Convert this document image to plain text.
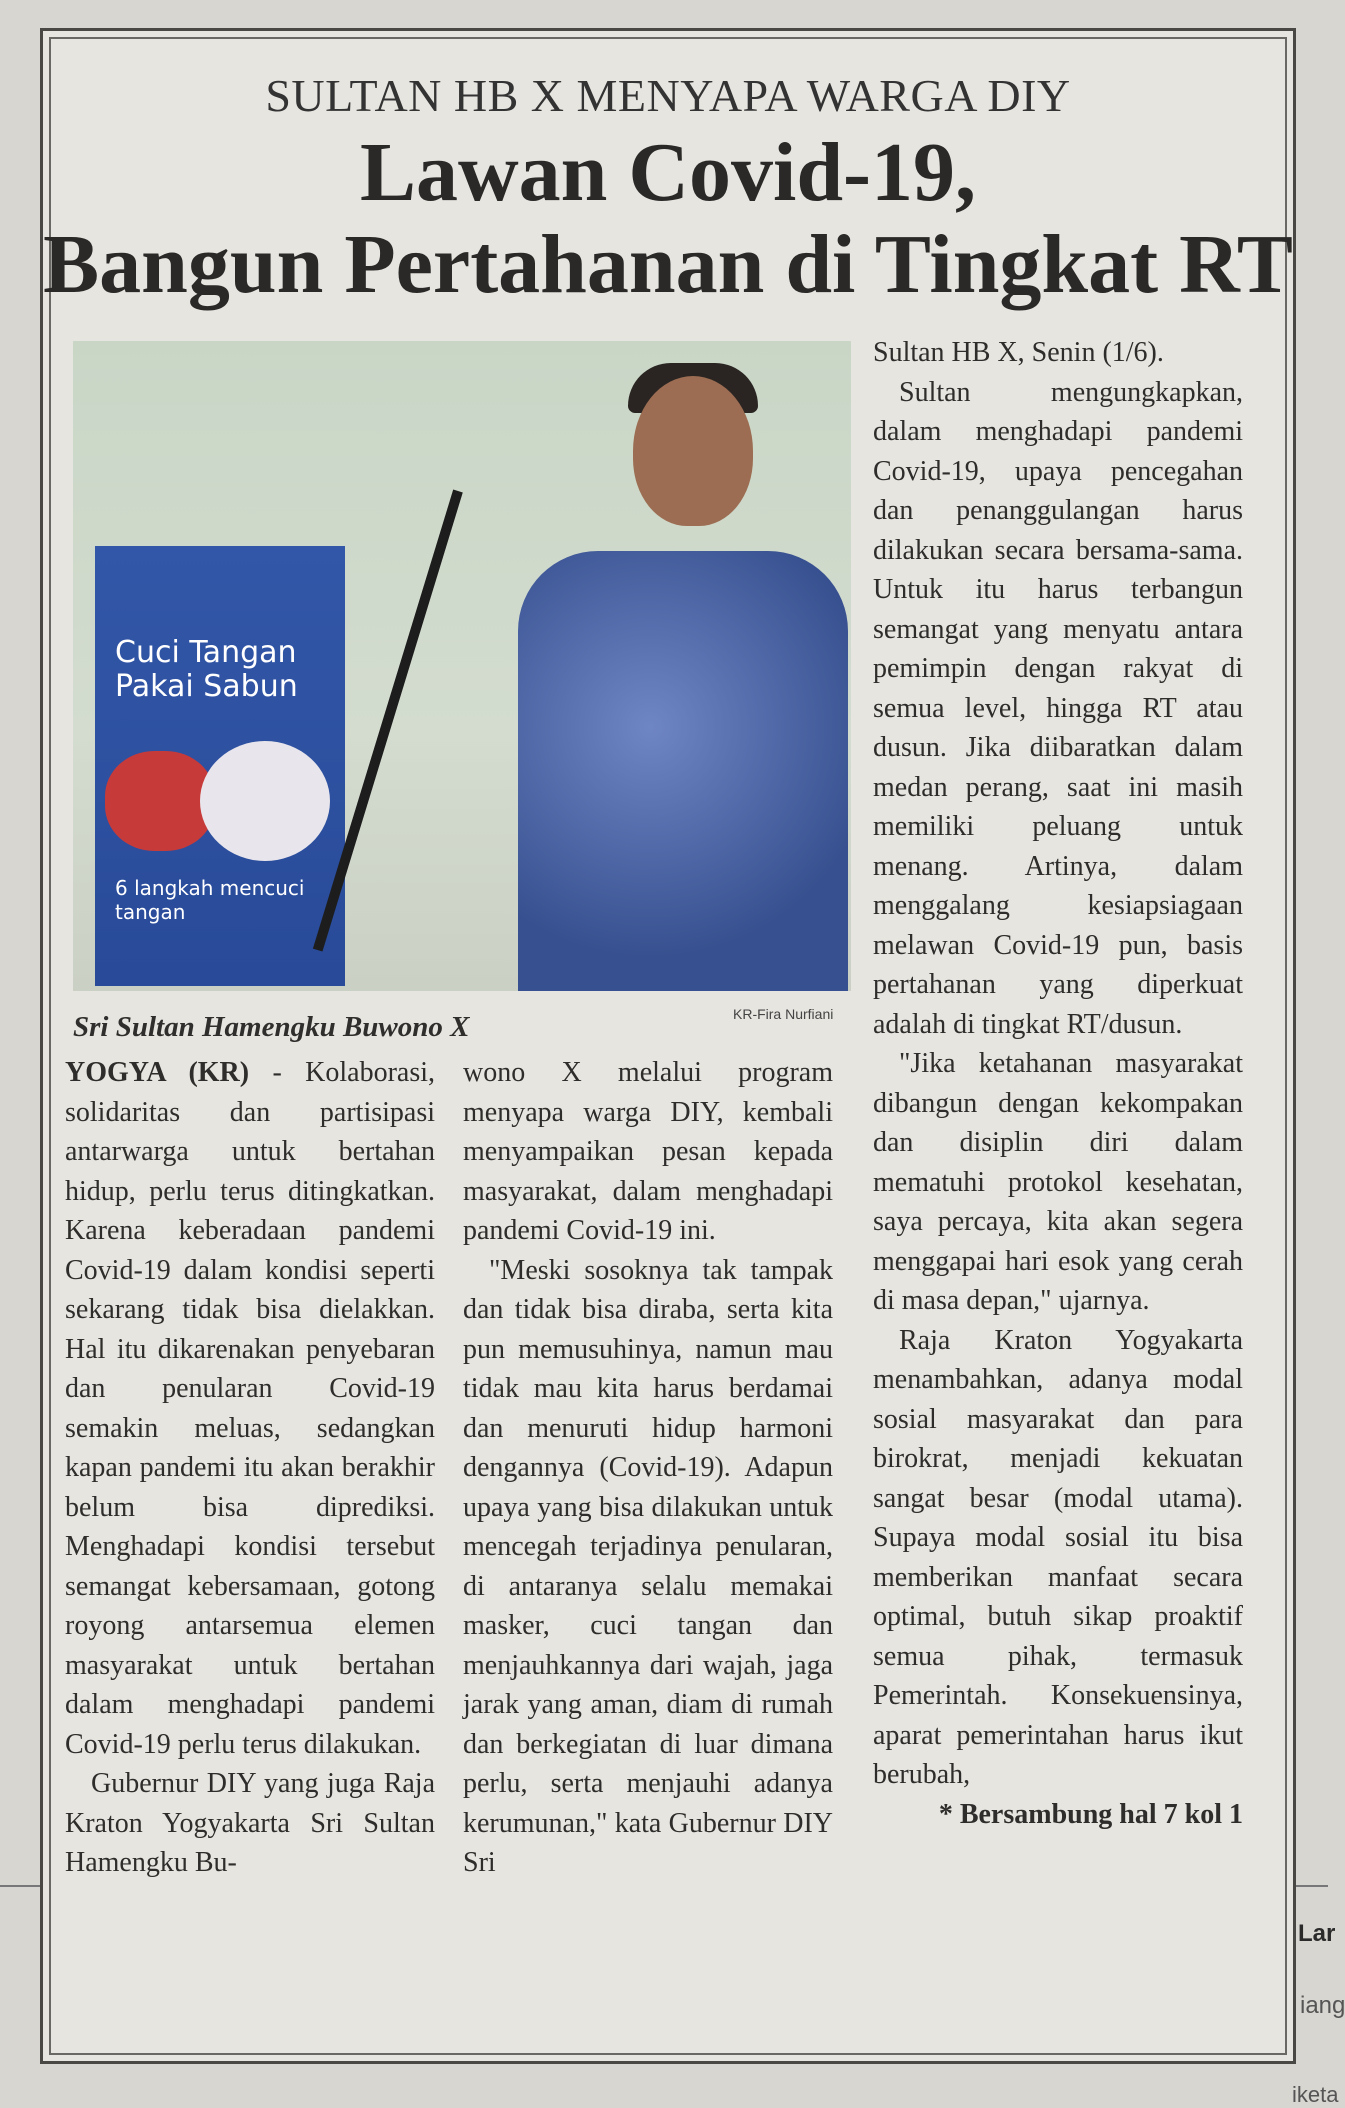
SULTAN HB X MENYAPA WARGA DIY
Lawan Covid-19,
Bangun Pertahanan di Tingkat RT
Cuci Tangan Pakai Sabun
6 langkah mencuci tangan
Sri Sultan Hamengku Buwono X	KR-Fira Nurfiani

YOGYA (KR) - Kolaborasi, solidaritas dan partisipasi antarwarga untuk bertahan hidup, perlu terus ditingkatkan. Karena keberadaan pandemi Covid-19 dalam kondisi seperti sekarang tidak bisa dielakkan. Hal itu dikarenakan penyebaran dan penularan Covid-19 semakin meluas, sedangkan kapan pandemi itu akan berakhir belum bisa diprediksi. Menghadapi kondisi tersebut semangat kebersamaan, gotong royong antarsemua elemen masyarakat untuk bertahan dalam menghadapi pandemi Covid-19 perlu terus dilakukan.

Gubernur DIY yang juga Raja Kraton Yogyakarta Sri Sultan Hamengku Bu-

wono X melalui program menyapa warga DIY, kembali menyampaikan pesan kepada masyarakat, dalam menghadapi pandemi Covid-19 ini.

"Meski sosoknya tak tampak dan tidak bisa diraba, serta kita pun memusuhinya, namun mau tidak mau kita harus berdamai dan menuruti hidup harmoni dengannya (Covid-19). Adapun upaya yang bisa dilakukan untuk mencegah terjadinya penularan, di antaranya selalu memakai masker, cuci tangan dan menjauhkannya dari wajah, jaga jarak yang aman, diam di rumah dan berkegiatan di luar dimana perlu, serta menjauhi adanya kerumunan," kata Gubernur DIY Sri

Sultan HB X, Senin (1/6).

Sultan mengungkapkan, dalam menghadapi pandemi Covid-19, upaya pencegahan dan penanggulangan harus dilakukan secara bersama-sama. Untuk itu harus terbangun semangat yang menyatu antara pemimpin dengan rakyat di semua level, hingga RT atau dusun. Jika diibaratkan dalam medan perang, saat ini masih memiliki peluang untuk menang. Artinya, dalam menggalang kesiapsiagaan melawan Covid-19 pun, basis pertahanan yang diperkuat adalah di tingkat RT/dusun.

"Jika ketahanan masyarakat dibangun dengan kekompakan dan disiplin diri dalam mematuhi protokol kesehatan, saya percaya, kita akan segera menggapai hari esok yang cerah di masa depan," ujarnya.

Raja Kraton Yogyakarta menambahkan, adanya modal sosial masyarakat dan para birokrat, menjadi kekuatan sangat besar (modal utama). Supaya modal sosial itu bisa memberikan manfaat secara optimal, butuh sikap proaktif semua pihak, termasuk Pemerintah. Konsekuensinya, aparat pemerintahan harus ikut berubah,

* Bersambung hal 7 kol 1

Lar
iang
iketa
